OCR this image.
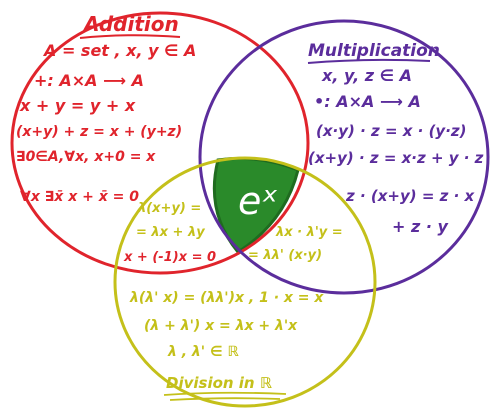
eˣ
Addition
A = set , x, y ∈ A
+: A×A ⟶ A
x + y = y + x
(x+y) + z = x + (y+z)
∃0∈A,∀x, x+0 = x
∀x ∃x̄ x + x̄ = 0
Multiplication
x, y, z ∈ A
•: A×A ⟶ A
(x·y) · z = x · (y·z)
(x+y) · z = x·z + y · z
z · (x+y) = z · x
+ z · y
λ(x+y) =
= λx + λy
x + (-1)x = 0
λx · λ'y =
= λλ' (x·y)
λ(λ' x) = (λλ')x , 1 · x = x
(λ + λ') x = λx + λ'x
λ , λ' ∈ ℝ
Division in ℝ
